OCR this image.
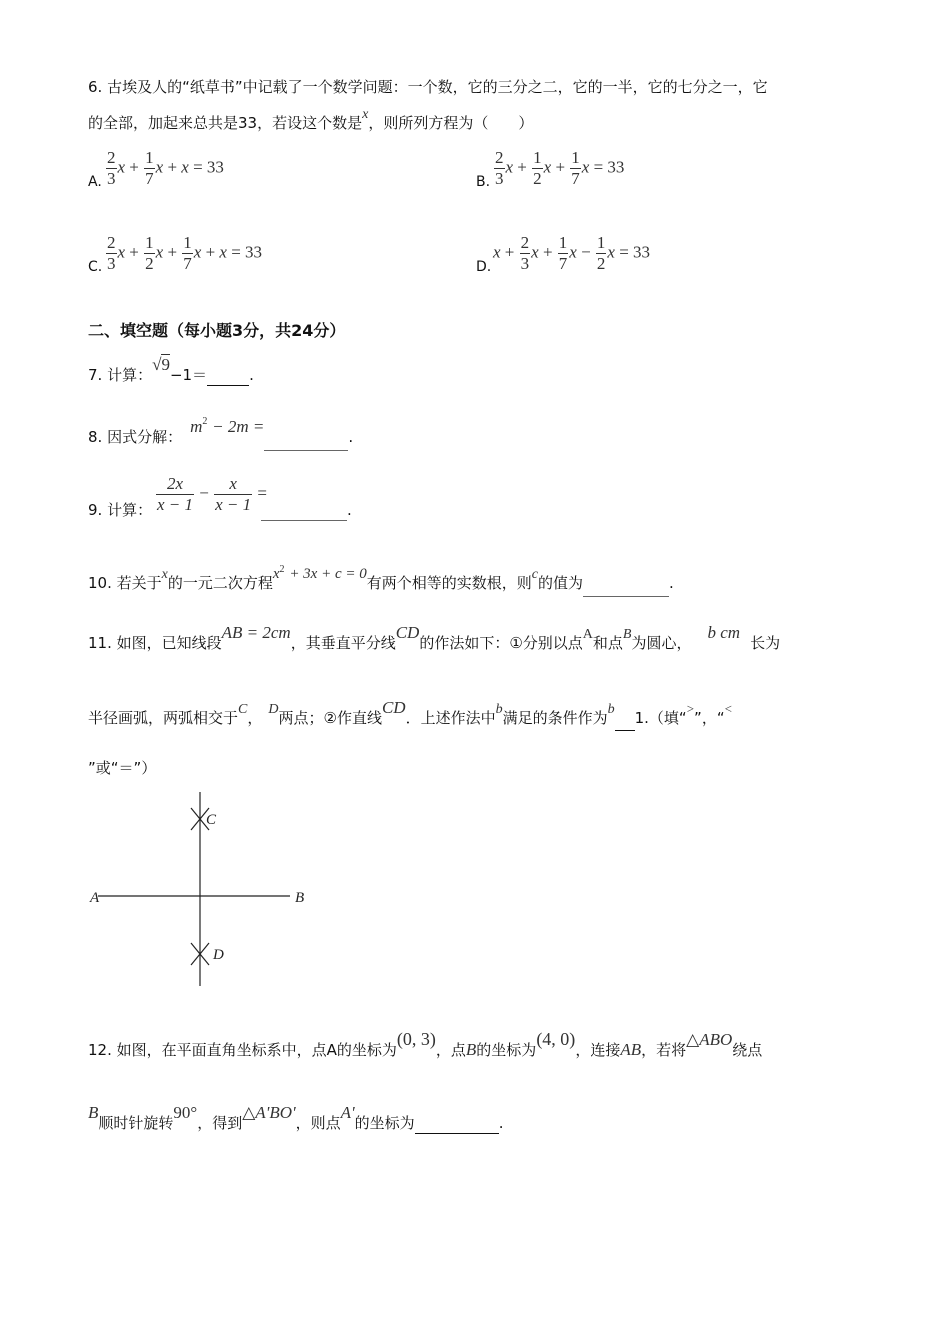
6. 古埃及人的“纸草书”中记载了一个数学问题：一个数，它的三分之二，它的一半，它的七分之一，它
的全部，加起来总共是33，若设这个数是x，则所列方程为（　　）
A. $\frac{2}{3}$ $x + \frac{1}{7}$ x + x = 33
B. $\frac{2}{3}$ $x + \frac{1}{2}$ $x + \frac{1}{7}$ x = 33
C. $\frac{2}{3}$ $x + \frac{1}{2}$ $x + \frac{1}{7}$ x + x = 33
D.
$x + \frac{2}{3}$ $x + \frac{1}{7}$ $x - \frac{1}{2}$ x = 33
二、填空题（每小题3分，共24分）
7. 计算：√9−1＝	.
8. 因式分解：$m^2 - 2m$ =.
9. 计算： $\frac{2x}{x - 1} - \frac{x}{x - 1}$ =
.
10. 若关于x的一元二次方程$x^2 + 3x + c = 0$有两个相等的实数根，则c的值为	.
11. 如图，已知线段AB = 2cm，其垂直平分线CD的作法如下：①分别以点A和点B为圆心，b cm长为
半径画弧，两弧相交于C， D两点；②作直线CD．上述作法中b满足的条件作为b 1.（填“>”，“<
”或“＝”）
A	B
C
D
12. 如图，在平面直角坐标系中，点A的坐标为(0, 3)，点B的坐标为(4, 0)，连接AB，若将△ABO绕点
B顺时针旋转90°，得到△A'BO'，则点A'的坐标为	.
